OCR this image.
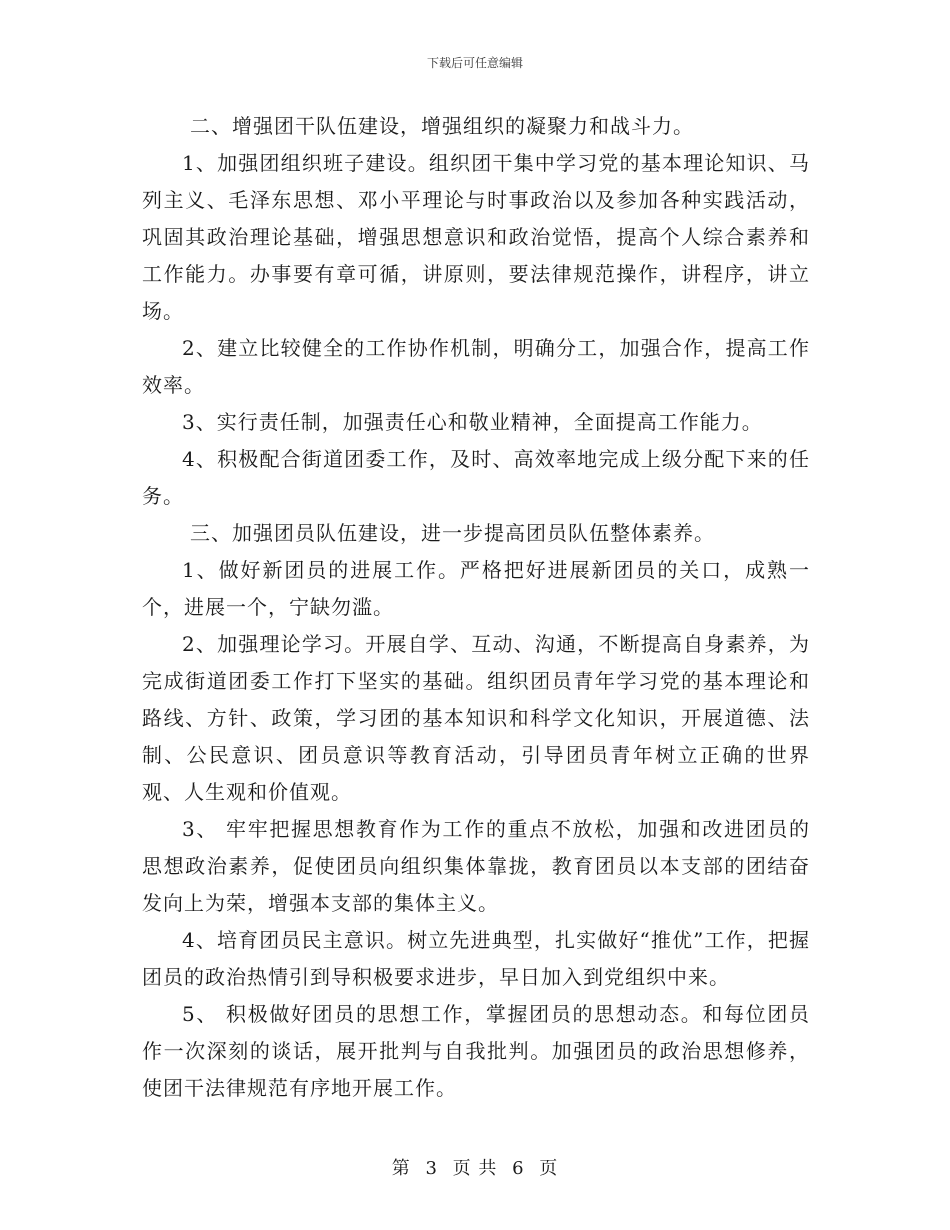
下载后可任意编辑

二、增强团干队伍建设，增强组织的凝聚力和战斗力。

1、加强团组织班子建设。组织团干集中学习党的基本理论知识、马列主义、毛泽东思想、邓小平理论与时事政治以及参加各种实践活动，巩固其政治理论基础，增强思想意识和政治觉悟，提高个人综合素养和工作能力。办事要有章可循，讲原则，要法律规范操作，讲程序，讲立场。

2、建立比较健全的工作协作机制，明确分工，加强合作，提高工作效率。

3、实行责任制，加强责任心和敬业精神，全面提高工作能力。

4、积极配合街道团委工作，及时、高效率地完成上级分配下来的任务。

三、加强团员队伍建设，进一步提高团员队伍整体素养。

1、做好新团员的进展工作。严格把好进展新团员的关口，成熟一个，进展一个，宁缺勿滥。

2、加强理论学习。开展自学、互动、沟通，不断提高自身素养，为完成街道团委工作打下坚实的基础。组织团员青年学习党的基本理论和路线、方针、政策，学习团的基本知识和科学文化知识，开展道德、法制、公民意识、团员意识等教育活动，引导团员青年树立正确的世界观、人生观和价值观。

3、 牢牢把握思想教育作为工作的重点不放松，加强和改进团员的思想政治素养，促使团员向组织集体靠拢，教育团员以本支部的团结奋发向上为荣，增强本支部的集体主义。

4、培育团员民主意识。树立先进典型，扎实做好“推优”工作，把握团员的政治热情引到导积极要求进步，早日加入到党组织中来。

5、 积极做好团员的思想工作，掌握团员的思想动态。和每位团员作一次深刻的谈话，展开批判与自我批判。加强团员的政治思想修养，使团干法律规范有序地开展工作。

第 3 页 共 6 页
